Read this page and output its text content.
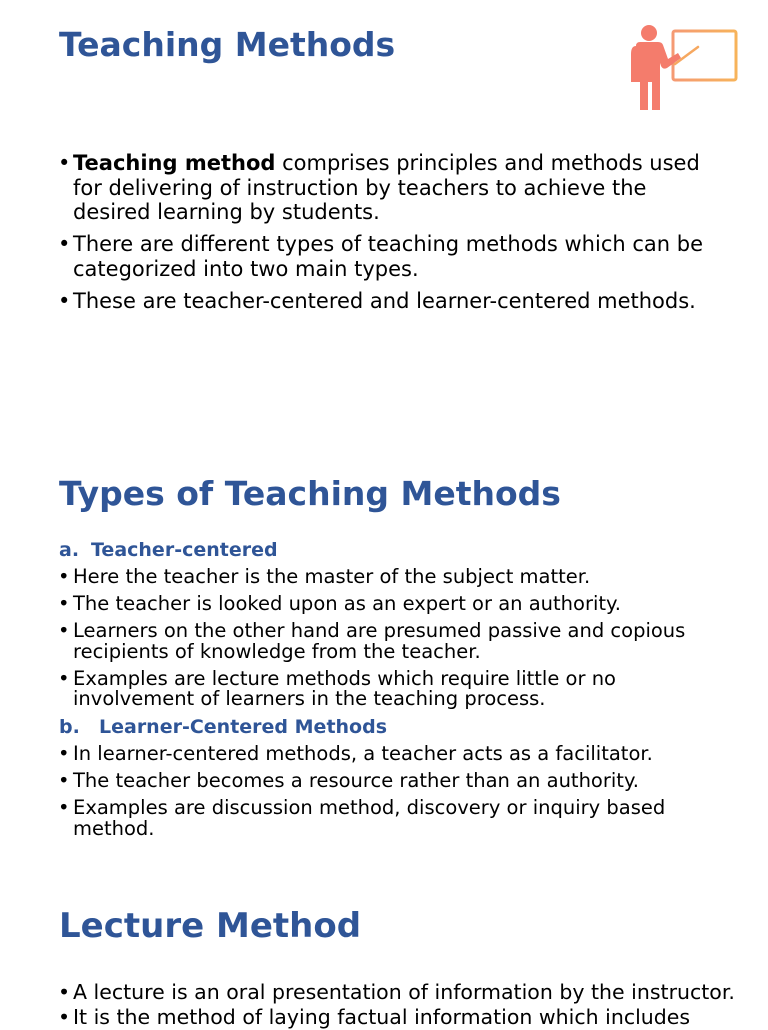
Teaching Methods
• Teaching method comprises principles and methods used
for delivering of instruction by teachers to achieve the
desired learning by students.
• There are different types of teaching methods which can be
categorized into two main types.
• These are teacher-centered and learner-centered methods.
Types of Teaching Methods
a. Teacher-centered
• Here the teacher is the master of the subject matter.
• The teacher is looked upon as an expert or an authority.
• Learners on the other hand are presumed passive and copious
recipients of knowledge from the teacher.
• Examples are lecture methods which require little or no
involvement of learners in the teaching process.
b. Learner-Centered Methods
• In learner-centered methods, a teacher acts as a facilitator.
• The teacher becomes a resource rather than an authority.
• Examples are discussion method, discovery or inquiry based
method.
Lecture Method
• A lecture is an oral presentation of information by the instructor.
• It is the method of laying factual information which includes
